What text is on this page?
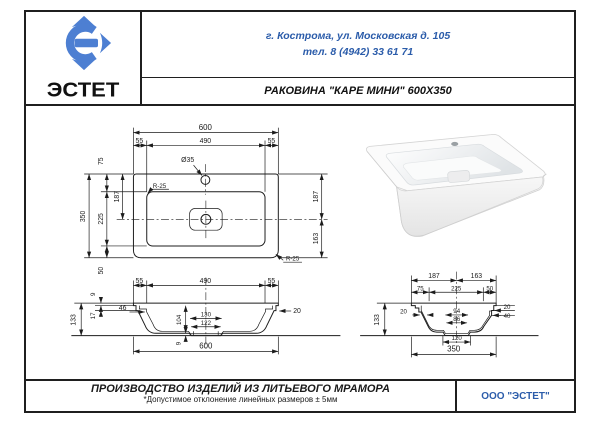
ЭСТЕТ
г. Кострома, ул. Московская д. 105
тел. 8 (4942) 33 61 71
РАКОВИНА "КАРЕ МИНИ" 600X350
600
55	490	55
350
75
225
50
187	187
163
Ø35
R-25
R-25
55	490	55
9
17
133
46
104	130
122
9
20
600
187	163
75	225	50
133
20	94
86
20
40
120
350
ПРОИЗВОДСТВО ИЗДЕЛИЙ ИЗ ЛИТЬЕВОГО МРАМОРА
*Допустимое отклонение линейных размеров ± 5мм	ООО "ЭСТЕТ"
